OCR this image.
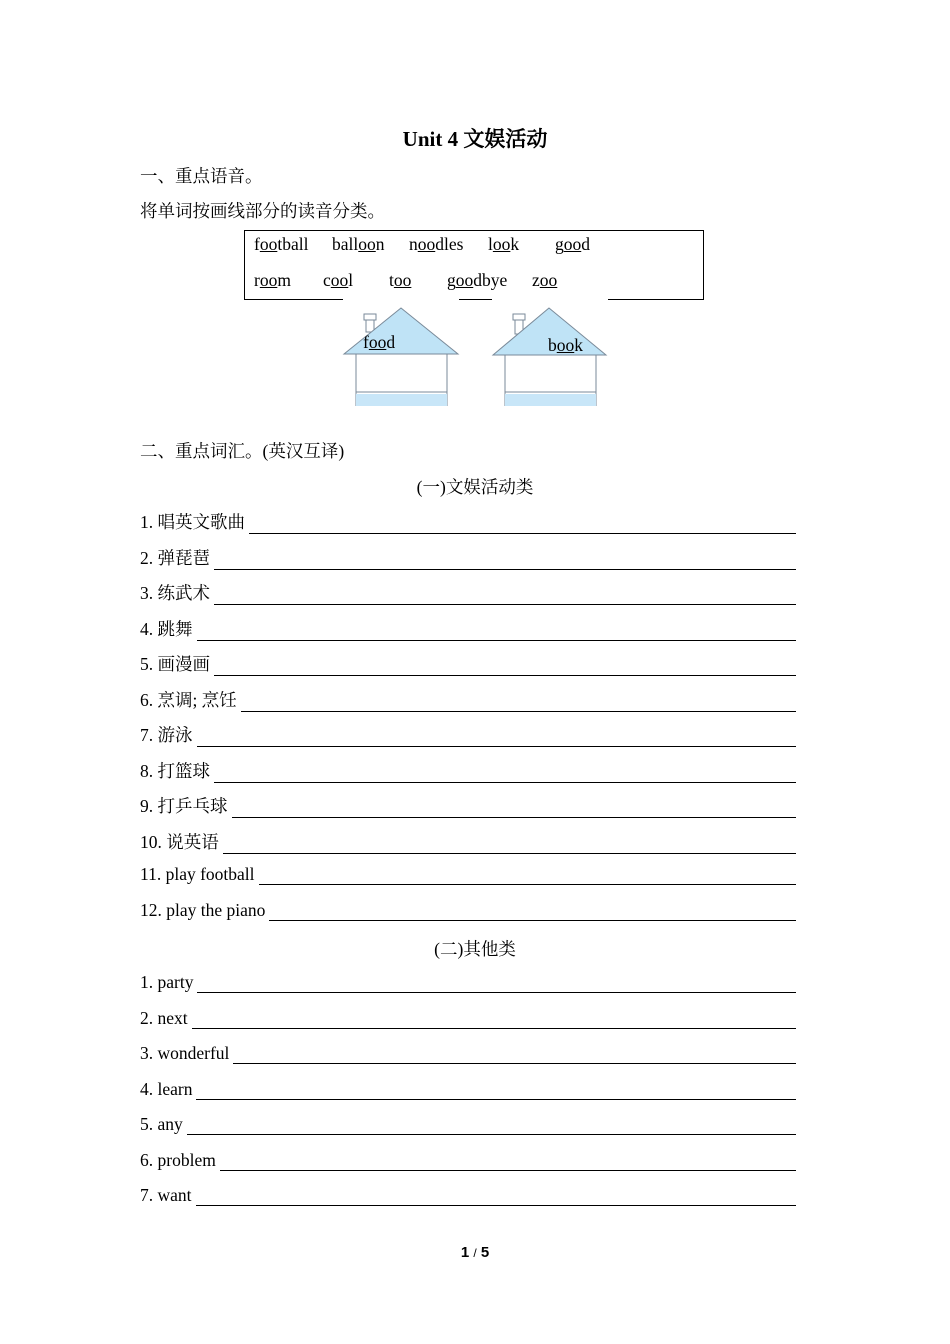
Unit 4 文娱活动
一、重点语音。
将单词按画线部分的读音分类。
football balloon noodles look good
room cool too goodbye zoo
food	book
二、重点词汇。(英汉互译)
(一)文娱活动类
1. 唱英文歌曲
2. 弹琵琶
3. 练武术
4. 跳舞
5. 画漫画
6. 烹调; 烹饪
7. 游泳
8. 打篮球
9. 打乒乓球
10. 说英语
11. play football
12. play the piano
(二)其他类
1. party
2. next
3. wonderful
4. learn
5. any
6. problem
7. want
1 / 5
